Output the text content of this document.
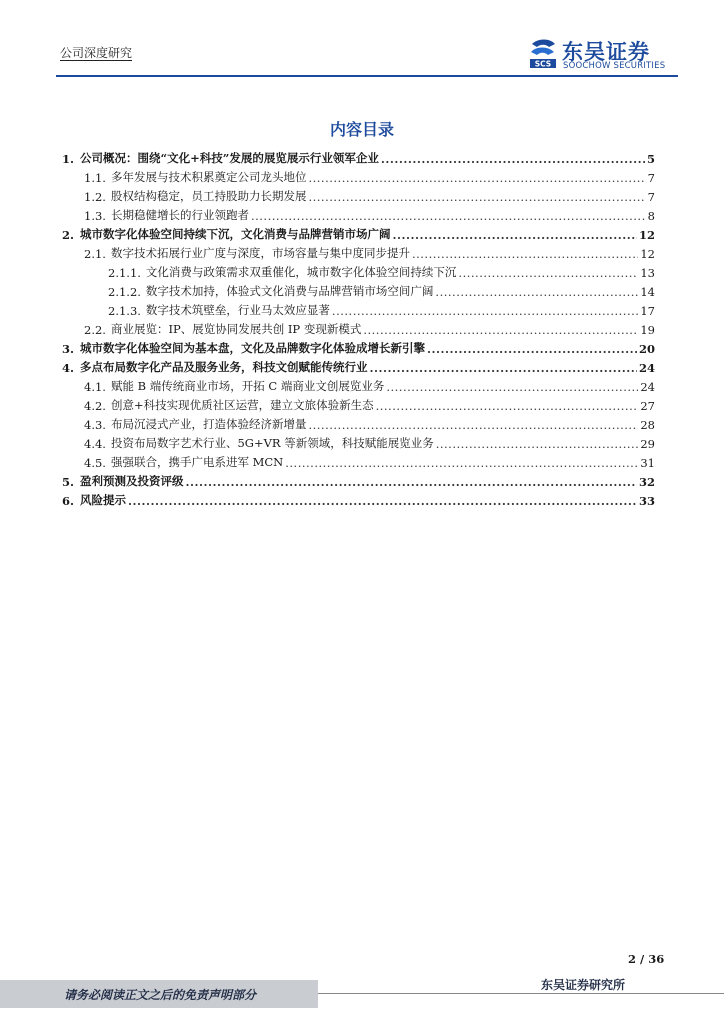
公司深度研究
SCS 东吴证券
SOOCHOW SECURITIES
内容目录
1. 公司概况：围绕“文化+科技”发展的展览展示行业领军企业 .....	5
1.1. 多年发展与技术积累奠定公司龙头地位 .....	7
1.2. 股权结构稳定，员工持股助力长期发展 .....	7
1.3. 长期稳健增长的行业领跑者 .....	8
2. 城市数字化体验空间持续下沉，文化消费与品牌营销市场广阔 .....	12
2.1. 数字技术拓展行业广度与深度，市场容量与集中度同步提升 .....	12
2.1.1. 文化消费与政策需求双重催化，城市数字化体验空间持续下沉 .....	13
2.1.2. 数字技术加持，体验式文化消费与品牌营销市场空间广阔 .....	14
2.1.3. 数字技术筑壁垒，行业马太效应显著 .....	17
2.2. 商业展览：IP、展览协同发展共创 IP 变现新模式 .....	19
3. 城市数字化体验空间为基本盘，文化及品牌数字化体验成增长新引擎 .....	20
4. 多点布局数字化产品及服务业务，科技文创赋能传统行业 .....	24
4.1. 赋能 B 端传统商业市场，开拓 C 端商业文创展览业务 .....	24
4.2. 创意+科技实现优质社区运营，建立文旅体验新生态 .....	27
4.3. 布局沉浸式产业，打造体验经济新增量 .....	28
4.4. 投资布局数字艺术行业、5G+VR 等新领域，科技赋能展览业务 .....	29
4.5. 强强联合，携手广电系进军 MCN .....	31
5. 盈利预测及投资评级 .....	32
6. 风险提示 .....	33
2 / 36
请务必阅读正文之后的免责声明部分
东吴证券研究所
